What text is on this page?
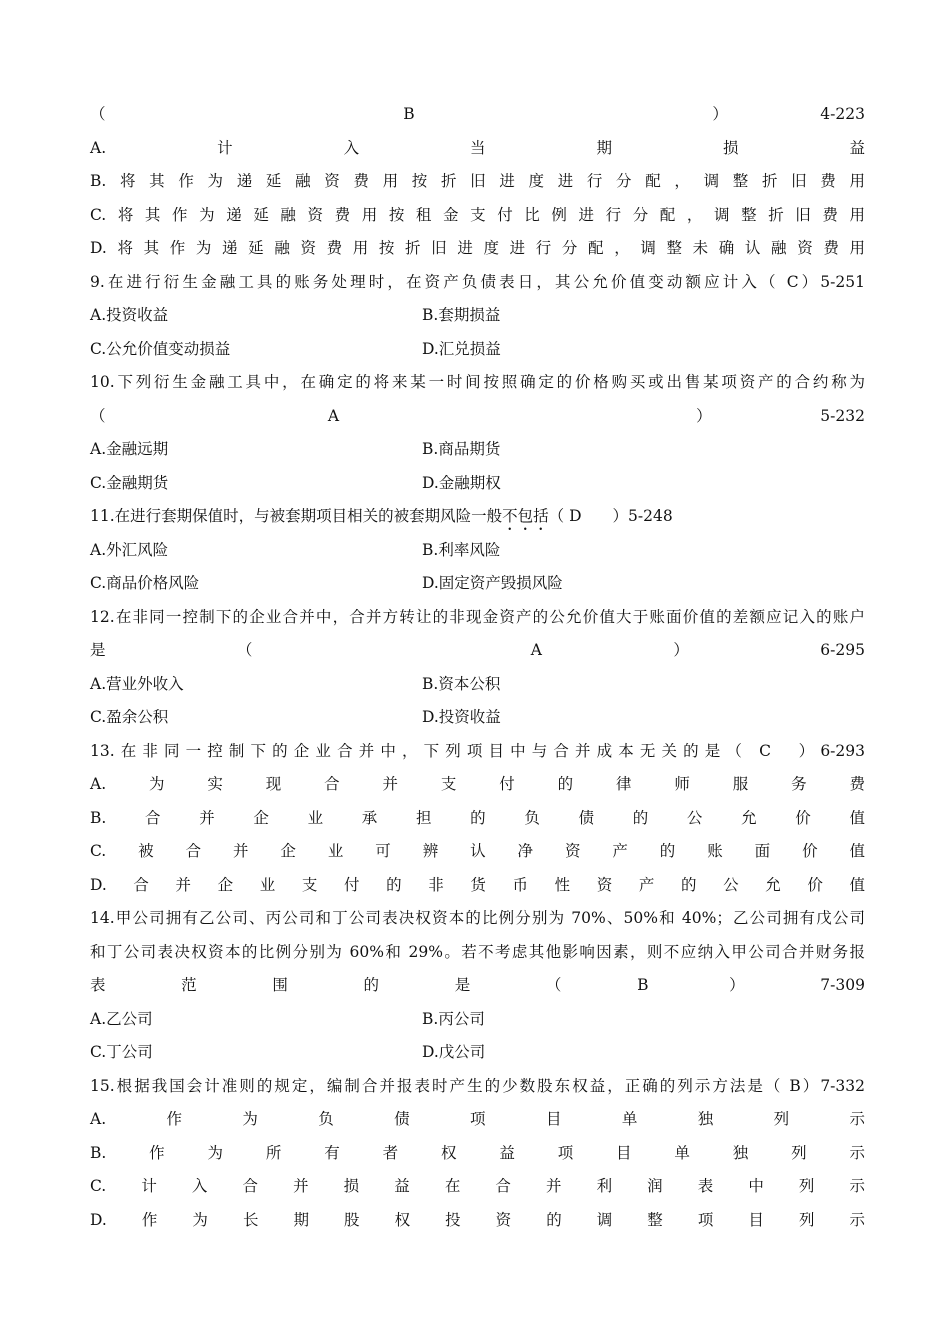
（　 B　 ）4-223
A.计入当期损益
B.将其作为递延融资费用按折旧进度进行分配，调整折旧费用
C.将其作为递延融资费用按租金支付比例进行分配，调整折旧费用
D.将其作为递延融资费用按折旧进度进行分配，调整未确认融资费用
9.在进行衍生金融工具的账务处理时，在资产负债表日，其公允价值变动额应计入（ C）5-251
A.投资收益	B.套期损益
C.公允价值变动损益	D.汇兑损益
10.下列衍生金融工具中，在确定的将来某一时间按照确定的价格购买或出售某项资产的合约称为
（ A　　）5-232
A.金融远期	B.商品期货
C.金融期货	D.金融期权
11.在进行套期保值时，与被套期项目相关的被套期风险一般不包括（ D　　）5-248
A.外汇风险	B.利率风险
C.商品价格风险	D.固定资产毁损风险
12.在非同一控制下的企业合并中，合并方转让的非现金资产的公允价值大于账面价值的差额应记入的账户
是（　A）6-295
A.营业外收入	B.资本公积
C.盈余公积	D.投资收益
13.在非同一控制下的企业合并中，下列项目中与合并成本无关的是（ C　）6-293
A.为实现合并支付的律师服务费
B.合并企业承担的负债的公允价值
C.被合并企业可辨认净资产的账面价值
D.合并企业支付的非货币性资产的公允价值
14.甲公司拥有乙公司、丙公司和丁公司表决权资本的比例分别为 70%、50%和 40%；乙公司拥有戊公司
和丁公司表决权资本的比例分别为 60%和 29%。若不考虑其他影响因素，则不应纳入甲公司合并财务报
表范围的是（B ）7-309
A.乙公司	B.丙公司
C.丁公司	D.戊公司
15.根据我国会计准则的规定，编制合并报表时产生的少数股东权益，正确的列示方法是（ B）7-332
A.作为负债项目单独列示
B.作为所有者权益项目单独列示
C.计入合并损益在合并利润表中列示
D.作为长期股权投资的调整项目列示
